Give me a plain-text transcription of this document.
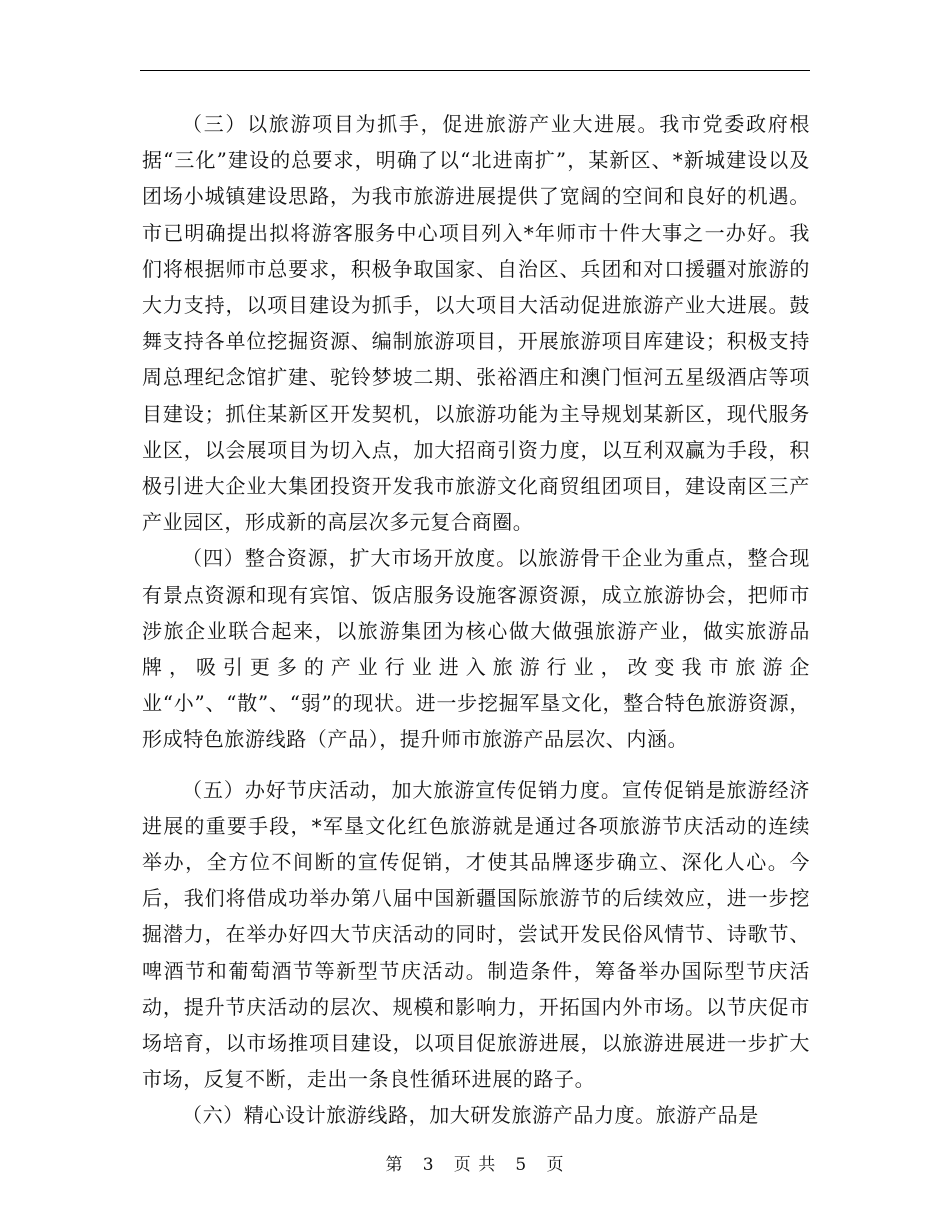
（三）以旅游项目为抓手，促进旅游产业大进展。我市党委政府根据“三化”建设的总要求，明确了以“北进南扩”，某新区、*新城建设以及团场小城镇建设思路，为我市旅游进展提供了宽阔的空间和良好的机遇。市已明确提出拟将游客服务中心项目列入*年师市十件大事之一办好。我们将根据师市总要求，积极争取国家、自治区、兵团和对口援疆对旅游的大力支持，以项目建设为抓手，以大项目大活动促进旅游产业大进展。鼓舞支持各单位挖掘资源、编制旅游项目，开展旅游项目库建设；积极支持周总理纪念馆扩建、驼铃梦坡二期、张裕酒庄和澳门恒河五星级酒店等项目建设；抓住某新区开发契机，以旅游功能为主导规划某新区，现代服务业区，以会展项目为切入点，加大招商引资力度，以互利双赢为手段，积极引进大企业大集团投资开发我市旅游文化商贸组团项目，建设南区三产产业园区，形成新的高层次多元复合商圈。

（四）整合资源，扩大市场开放度。以旅游骨干企业为重点，整合现有景点资源和现有宾馆、饭店服务设施客源资源，成立旅游协会，把师市涉旅企业联合起来，以旅游集团为核心做大做强旅游产业，做实旅游品牌，吸引更多的产业行业进入旅游行业，改变我市旅游企业“小”、“散”、“弱”的现状。进一步挖掘军垦文化，整合特色旅游资源，形成特色旅游线路（产品），提升师市旅游产品层次、内涵。

（五）办好节庆活动，加大旅游宣传促销力度。宣传促销是旅游经济进展的重要手段，*军垦文化红色旅游就是通过各项旅游节庆活动的连续举办，全方位不间断的宣传促销，才使其品牌逐步确立、深化人心。今后，我们将借成功举办第八届中国新疆国际旅游节的后续效应，进一步挖掘潜力，在举办好四大节庆活动的同时，尝试开发民俗风情节、诗歌节、啤酒节和葡萄酒节等新型节庆活动。制造条件，筹备举办国际型节庆活动，提升节庆活动的层次、规模和影响力，开拓国内外市场。以节庆促市场培育，以市场推项目建设，以项目促旅游进展，以旅游进展进一步扩大市场，反复不断，走出一条良性循环进展的路子。

（六）精心设计旅游线路，加大研发旅游产品力度。旅游产品是

第 3 页 共 5 页
